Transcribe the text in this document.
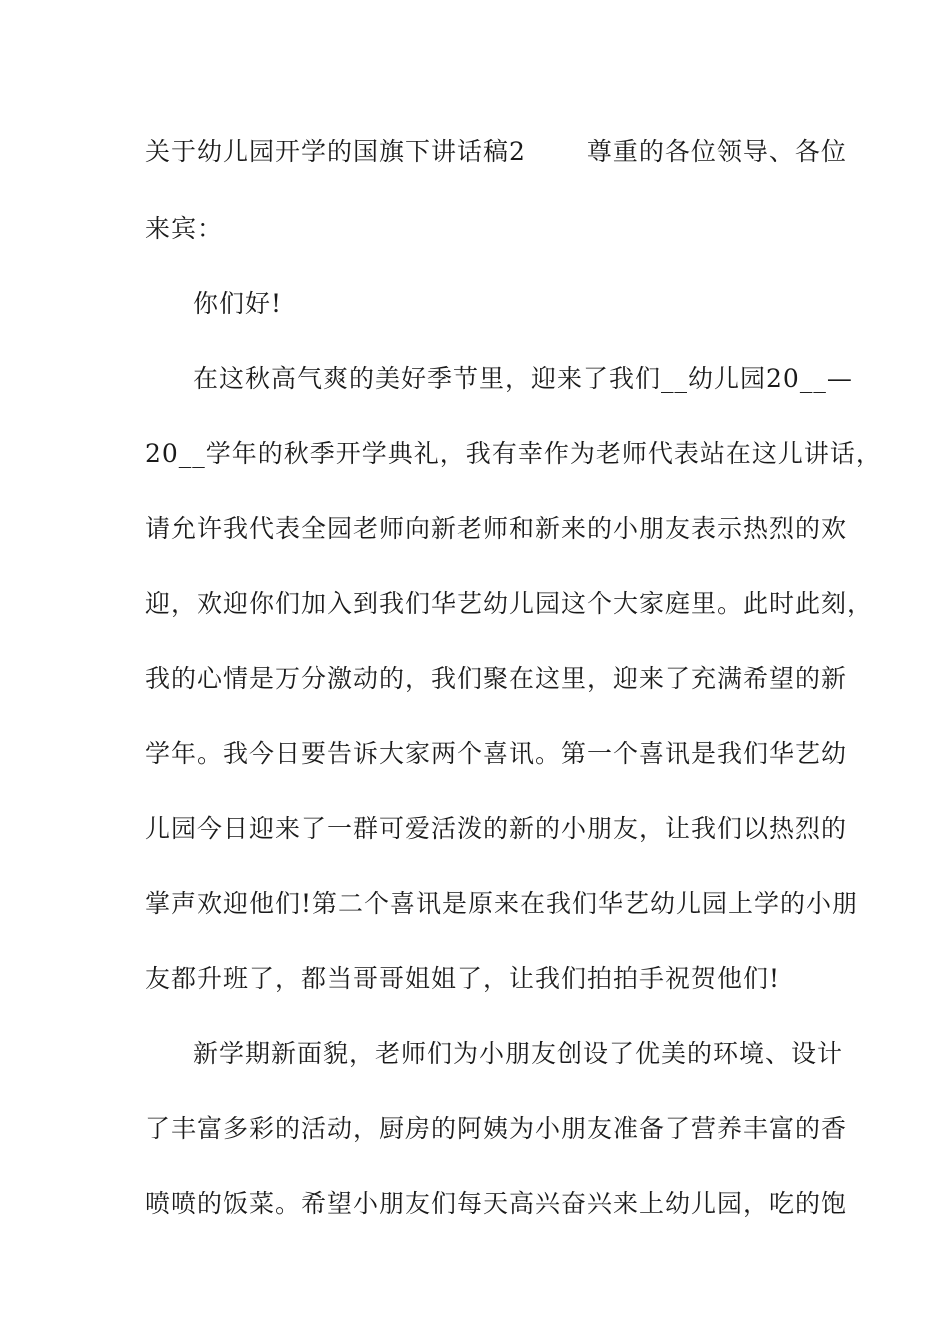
关于幼儿园开学的国旗下讲话稿2　　 尊重的各位领导、各位
来宾：
你们好!
在这秋高气爽的美好季节里，迎来了我们__幼儿园20__—
20__学年的秋季开学典礼，我有幸作为老师代表站在这儿讲话，
请允许我代表全园老师向新老师和新来的小朋友表示热烈的欢
迎，欢迎你们加入到我们华艺幼儿园这个大家庭里。此时此刻，
我的心情是万分激动的，我们聚在这里，迎来了充满希望的新
学年。我今日要告诉大家两个喜讯。第一个喜讯是我们华艺幼
儿园今日迎来了一群可爱活泼的新的小朋友，让我们以热烈的
掌声欢迎他们!第二个喜讯是原来在我们华艺幼儿园上学的小朋
友都升班了，都当哥哥姐姐了，让我们拍拍手祝贺他们!
新学期新面貌，老师们为小朋友创设了优美的环境、设计
了丰富多彩的活动，厨房的阿姨为小朋友准备了营养丰富的香
喷喷的饭菜。希望小朋友们每天高兴奋兴来上幼儿园，吃的饱
